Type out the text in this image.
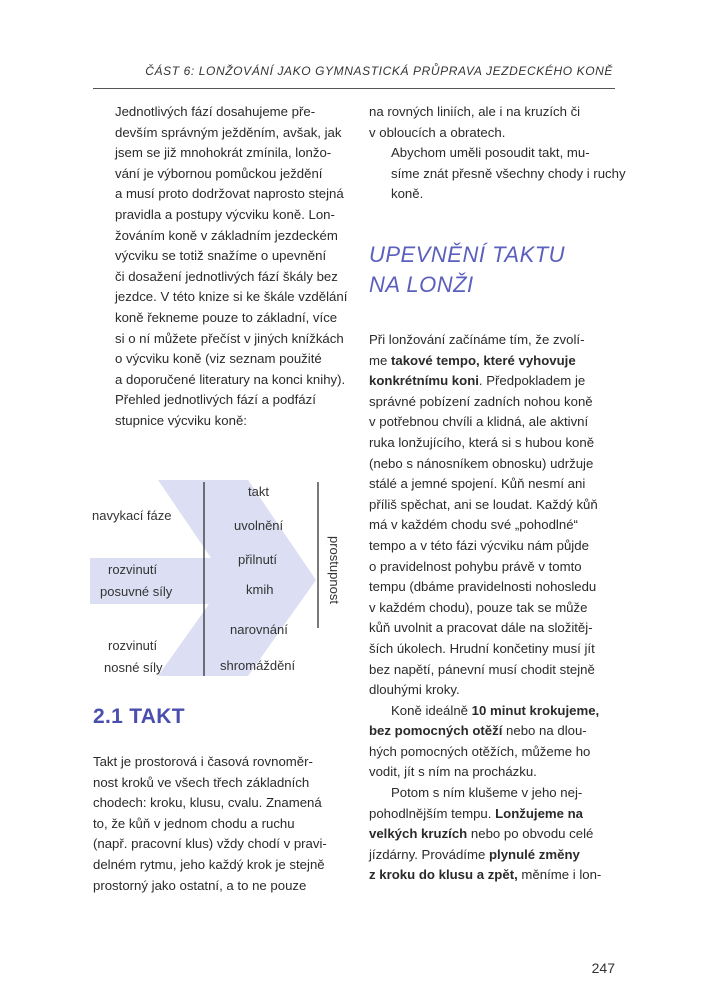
ČÁST 6: LONŽOVÁNÍ JAKO GYMNASTICKÁ PRŮPRAVA JEZDECKÉHO KONĚ

Jednotlivých fází dosahujeme pře-
devším správným ježděním, avšak, jak
jsem se již mnohokrát zmínila, lonžo-
vání je výbornou pomůckou ježdění
a musí proto dodržovat naprosto stejná
pravidla a postupy výcviku koně. Lon-
žováním koně v základním jezdeckém
výcviku se totiž snažíme o upevnění
či dosažení jednotlivých fází škály bez
jezdce. V této knize si ke škále vzdělání
koně řekneme pouze to základní, více
si o ní můžete přečíst v jiných knížkách
o výcviku koně (viz seznam použité
a doporučené literatury na konci knihy).

Přehled jednotlivých fází a podfází
stupnice výcviku koně:

navykací fáze
rozvinutí
posuvné síly
rozvinutí
nosné síly
takt
uvolnění
přilnutí
kmih
narovnání
shromáždění
prostupnost
2.1 TAKT

Takt je prostorová i časová rovnoměr-
nost kroků ve všech třech základních
chodech: kroku, klusu, cvalu. Znamená
to, že kůň v jednom chodu a ruchu
(např. pracovní klus) vždy chodí v pravi-
delném rytmu, jeho každý krok je stejně
prostorný jako ostatní, a to ne pouze

na rovných liniích, ale i na kruzích či
v obloucích a obratech.

Abychom uměli posoudit takt, mu-
síme znát přesně všechny chody i ruchy
koně.

UPEVNĚNÍ TAKTU
NA LONŽI

Při lonžování začínáme tím, že zvolí-
me takové tempo, které vyhovuje
konkrétnímu koni. Předpokladem je
správné pobízení zadních nohou koně
v potřebnou chvíli a klidná, ale aktivní
ruka lonžujícího, která si s hubou koně
(nebo s nánosníkem obnosku) udržuje
stálé a jemné spojení. Kůň nesmí ani
příliš spěchat, ani se loudat. Každý kůň
má v každém chodu své „pohodlné“
tempo a v této fázi výcviku nám půjde
o pravidelnost pohybu právě v tomto
tempu (dbáme pravidelnosti nohosledu
v každém chodu), pouze tak se může
kůň uvolnit a pracovat dále na složitěj-
ších úkolech. Hrudní končetiny musí jít
bez napětí, pánevní musí chodit stejně
dlouhými kroky.

Koně ideálně 10 minut krokujeme,
bez pomocných otěží nebo na dlou-
hých pomocných otěžích, můžeme ho
vodit, jít s ním na procházku.

Potom s ním klušeme v jeho nej-
pohodlnějším tempu. Lonžujeme na
velkých kruzích nebo po obvodu celé
jízdárny. Provádíme plynulé změny
z kroku do klusu a zpět, měníme i lon-

247
